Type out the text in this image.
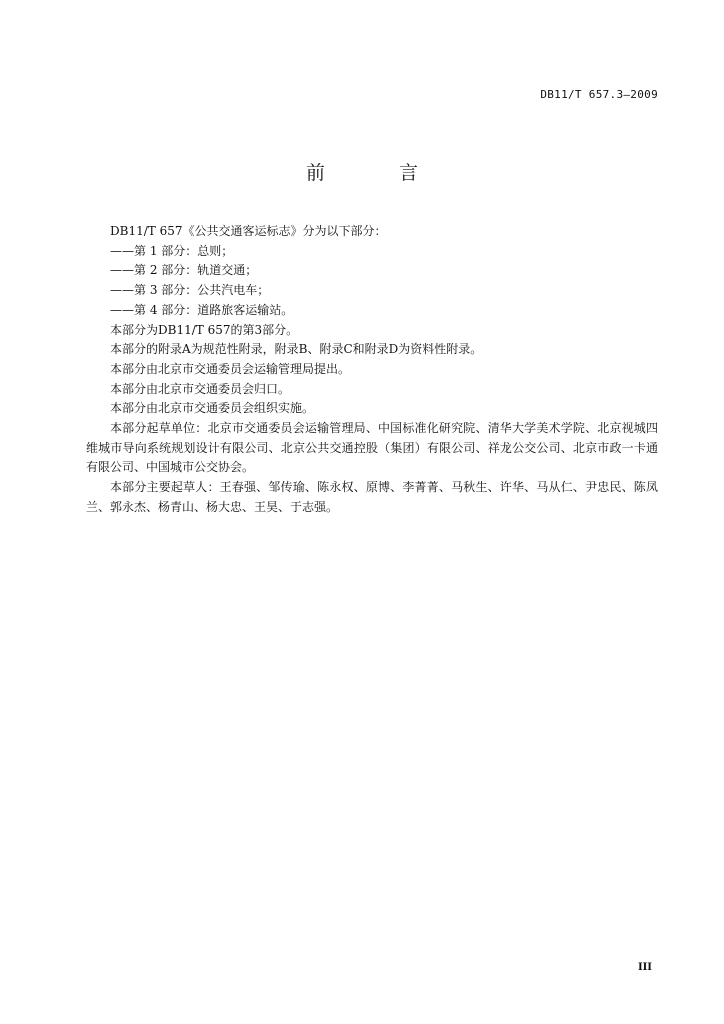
DB11/T 657.3—2009
前 言

DB11/T 657《公共交通客运标志》分为以下部分：

——第 1 部分：总则；

——第 2 部分：轨道交通；

——第 3 部分：公共汽电车；

——第 4 部分：道路旅客运输站。

本部分为DB11/T 657的第3部分。

本部分的附录A为规范性附录，附录B、附录C和附录D为资料性附录。

本部分由北京市交通委员会运输管理局提出。

本部分由北京市交通委员会归口。

本部分由北京市交通委员会组织实施。

本部分起草单位：北京市交通委员会运输管理局、中国标准化研究院、清华大学美术学院、北京视城四维城市导向系统规划设计有限公司、北京公共交通控股（集团）有限公司、祥龙公交公司、北京市政一卡通有限公司、中国城市公交协会。

本部分主要起草人：王春强、邹传瑜、陈永权、原博、李菁菁、马秋生、许华、马从仁、尹忠民、陈凤兰、郭永杰、杨青山、杨大忠、王昊、于志强。

III
